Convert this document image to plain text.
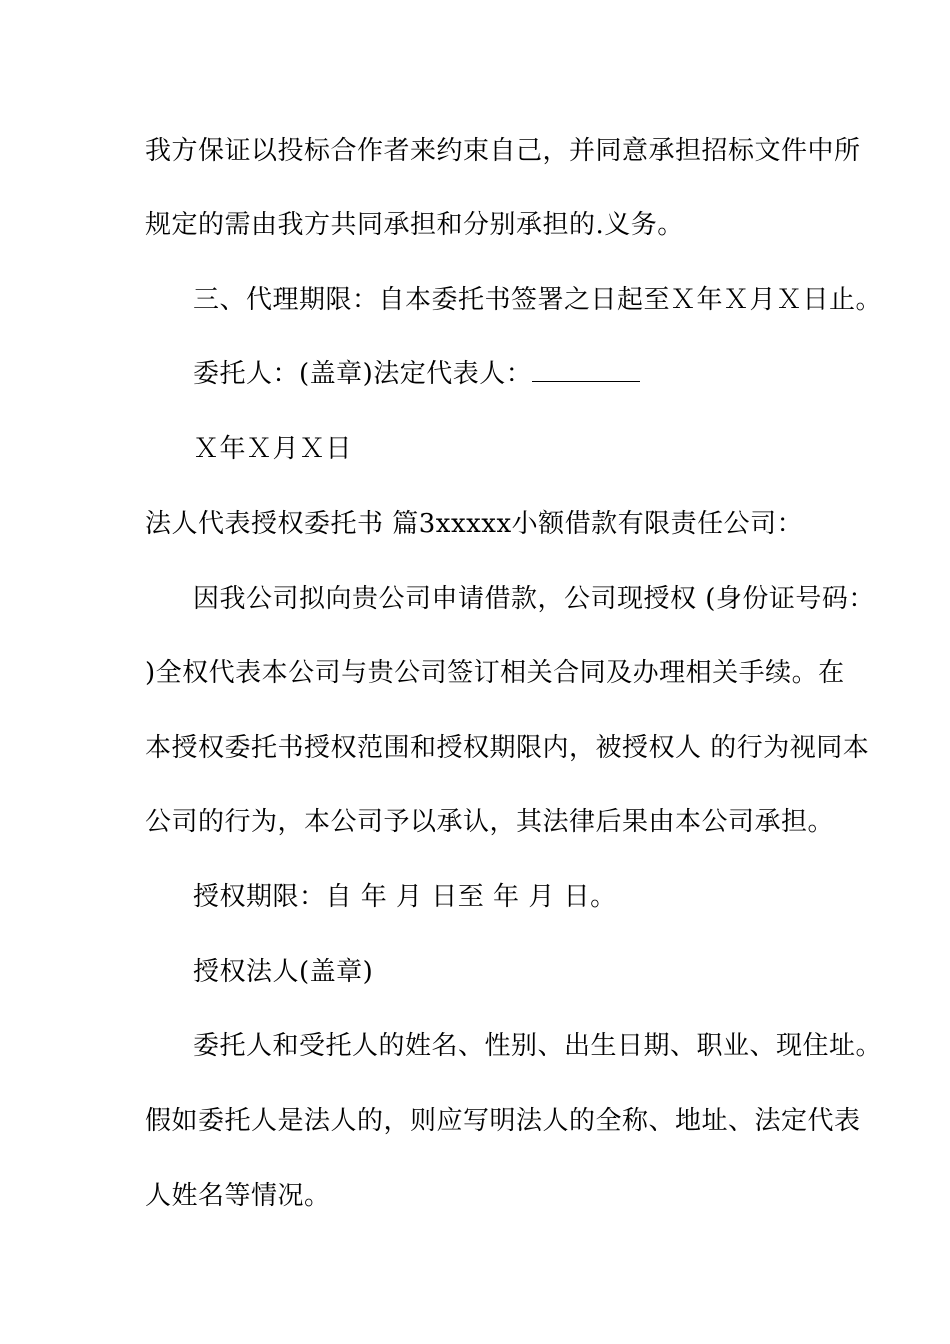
我方保证以投标合作者来约束自己，并同意承担招标文件中所
规定的需由我方共同承担和分别承担的.义务。
三、代理期限：自本委托书签署之日起至Ｘ年Ｘ月Ｘ日止。
委托人：(盖章)法定代表人：
Ｘ年Ｘ月Ｘ日
法人代表授权委托书 篇3xxxxx小额借款有限责任公司：
因我公司拟向贵公司申请借款，公司现授权 (身份证号码：
)全权代表本公司与贵公司签订相关合同及办理相关手续。在
本授权委托书授权范围和授权期限内，被授权人 的行为视同本
公司的行为，本公司予以承认，其法律后果由本公司承担。
授权期限：自 年 月 日至 年 月 日。
授权法人(盖章)
委托人和受托人的姓名、性别、出生日期、职业、现住址。
假如委托人是法人的，则应写明法人的全称、地址、法定代表
人姓名等情况。
